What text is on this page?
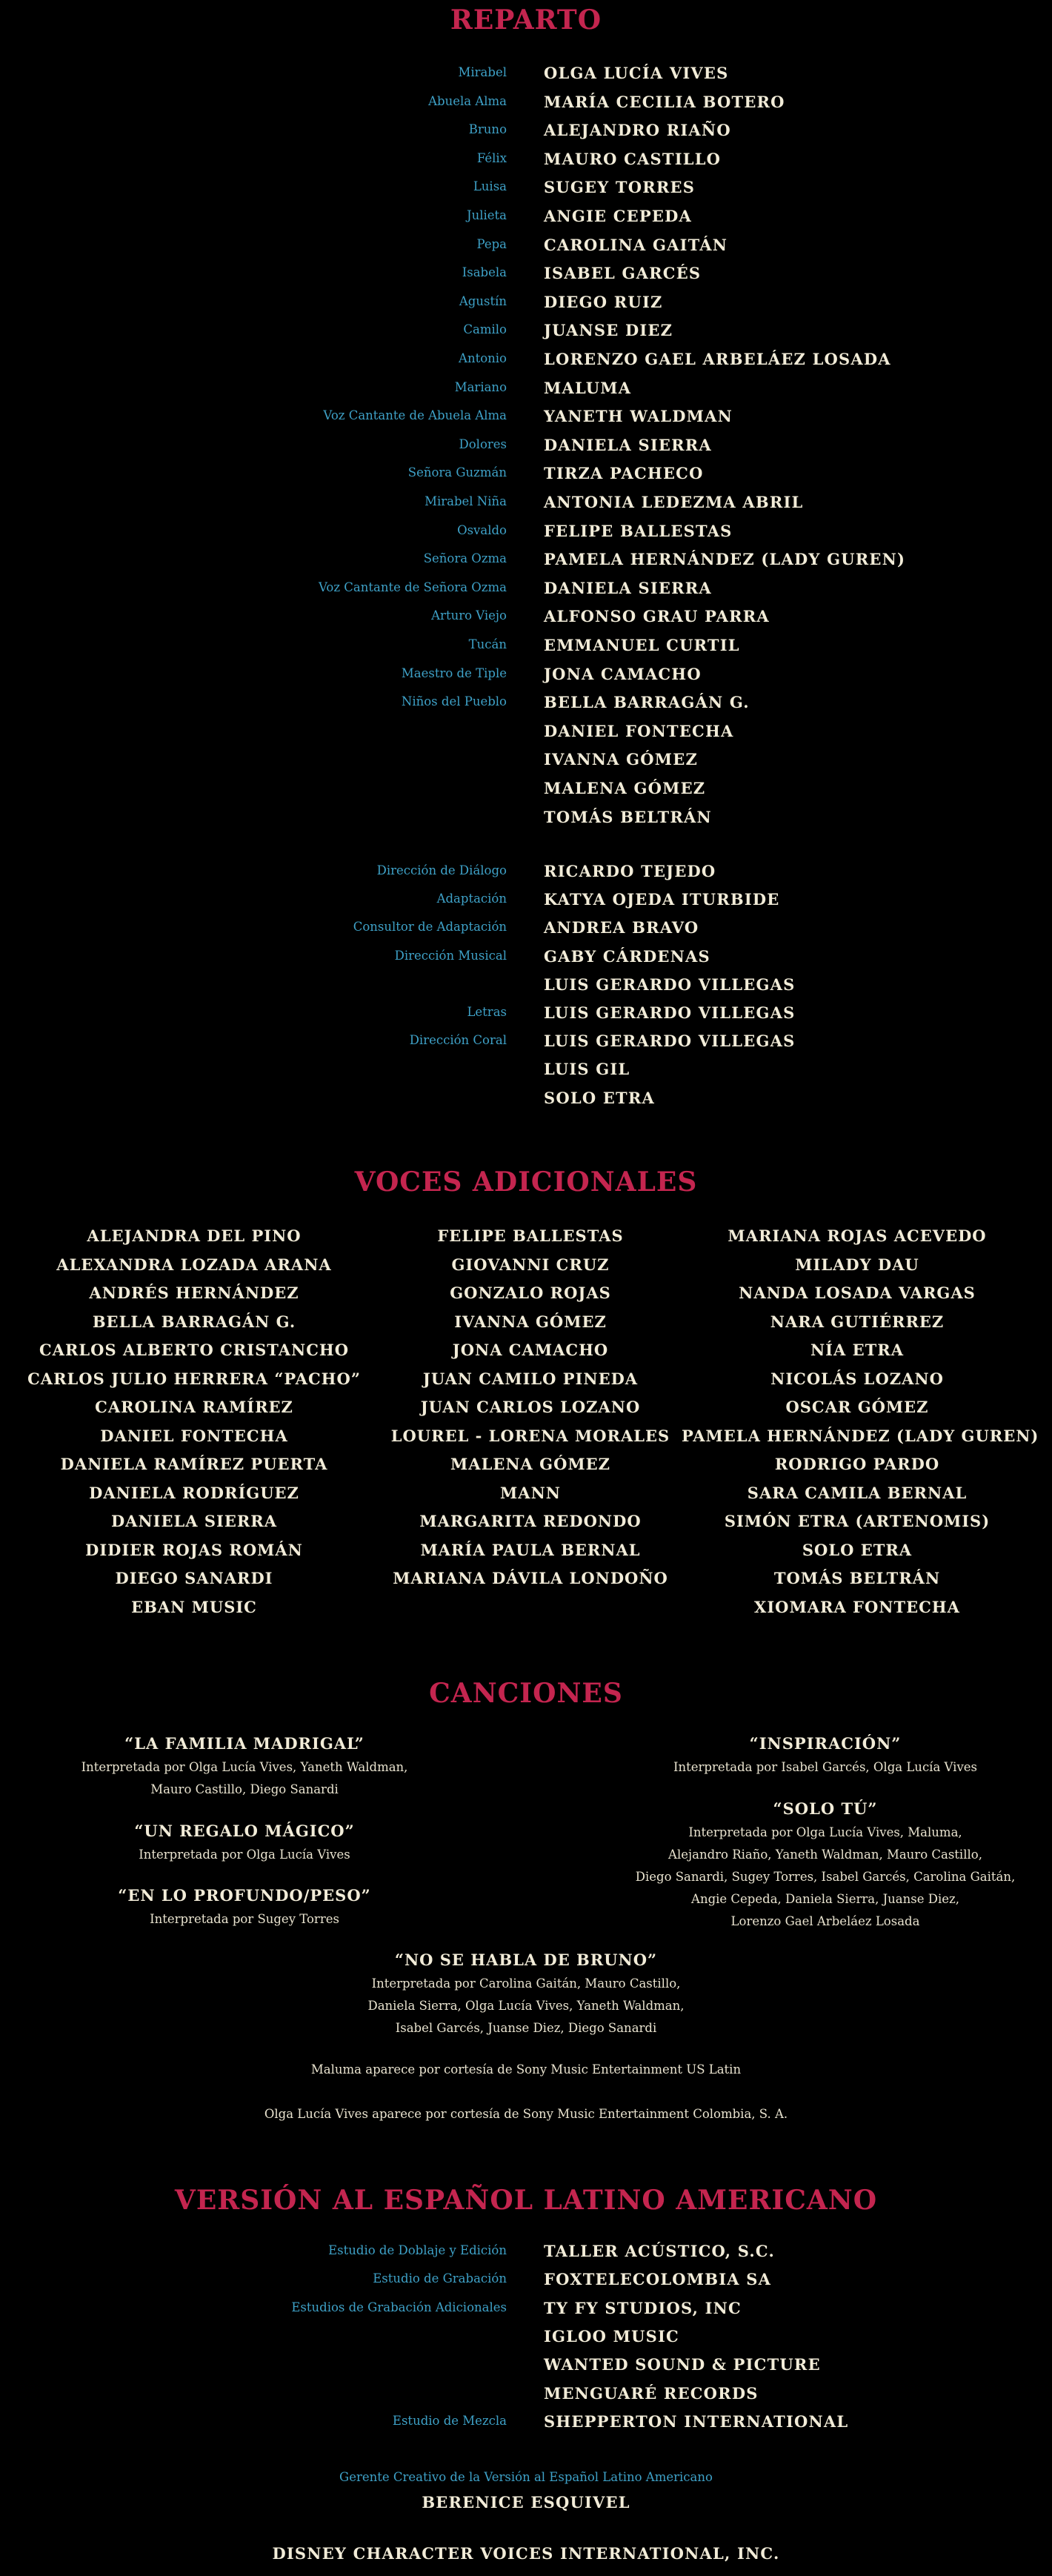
REPARTO
Mirabel OLGA LUCÍA VIVES
Abuela Alma MARÍA CECILIA BOTERO
Bruno ALEJANDRO RIAÑO
Félix MAURO CASTILLO
Luisa SUGEY TORRES
Julieta ANGIE CEPEDA
Pepa CAROLINA GAITÁN
Isabela ISABEL GARCÉS
Agustín DIEGO RUIZ
Camilo JUANSE DIEZ
Antonio LORENZO GAEL ARBELÁEZ LOSADA
Mariano MALUMA
Voz Cantante de Abuela Alma YANETH WALDMAN
Dolores DANIELA SIERRA
Señora Guzmán TIRZA PACHECO
Mirabel Niña ANTONIA LEDEZMA ABRIL
Osvaldo FELIPE BALLESTAS
Señora Ozma PAMELA HERNÁNDEZ (LADY GUREN)
Voz Cantante de Señora Ozma DANIELA SIERRA
Arturo Viejo ALFONSO GRAU PARRA
Tucán EMMANUEL CURTIL
Maestro de Tiple JONA CAMACHO
Niños del Pueblo BELLA BARRAGÁN G.
DANIEL FONTECHA
IVANNA GÓMEZ
MALENA GÓMEZ
TOMÁS BELTRÁN
Dirección de Diálogo RICARDO TEJEDO
Adaptación KATYA OJEDA ITURBIDE
Consultor de Adaptación ANDREA BRAVO
Dirección Musical GABY CÁRDENAS
LUIS GERARDO VILLEGAS
Letras LUIS GERARDO VILLEGAS
Dirección Coral LUIS GERARDO VILLEGAS
LUIS GIL
SOLO ETRA
VOCES ADICIONALES
ALEJANDRA DEL PINO
ALEXANDRA LOZADA ARANA
ANDRÉS HERNÁNDEZ
BELLA BARRAGÁN G.
CARLOS ALBERTO CRISTANCHO
CARLOS JULIO HERRERA “PACHO”
CAROLINA RAMÍREZ
DANIEL FONTECHA
DANIELA RAMÍREZ PUERTA
DANIELA RODRÍGUEZ
DANIELA SIERRA
DIDIER ROJAS ROMÁN
DIEGO SANARDI
EBAN MUSIC
FELIPE BALLESTAS
GIOVANNI CRUZ
GONZALO ROJAS
IVANNA GÓMEZ
JONA CAMACHO
JUAN CAMILO PINEDA
JUAN CARLOS LOZANO
LOUREL - LORENA MORALES
MALENA GÓMEZ
MANN
MARGARITA REDONDO
MARÍA PAULA BERNAL
MARIANA DÁVILA LONDOÑO
MARIANA ROJAS ACEVEDO
MILADY DAU
NANDA LOSADA VARGAS
NARA GUTIÉRREZ
NÍA ETRA
NICOLÁS LOZANO
OSCAR GÓMEZ
PAMELA HERNÁNDEZ (LADY GUREN)
RODRIGO PARDO
SARA CAMILA BERNAL
SIMÓN ETRA (ARTENOMIS)
SOLO ETRA
TOMÁS BELTRÁN
XIOMARA FONTECHA
CANCIONES
“LA FAMILIA MADRIGAL”
Interpretada por Olga Lucía Vives, Yaneth Waldman,
Mauro Castillo, Diego Sanardi
“UN REGALO MÁGICO”
Interpretada por Olga Lucía Vives
“EN LO PROFUNDO/PESO”
Interpretada por Sugey Torres
“INSPIRACIÓN”
Interpretada por Isabel Garcés, Olga Lucía Vives
“SOLO TÚ”
Interpretada por Olga Lucía Vives, Maluma,
Alejandro Riaño, Yaneth Waldman, Mauro Castillo,
Diego Sanardi, Sugey Torres, Isabel Garcés, Carolina Gaitán,
Angie Cepeda, Daniela Sierra, Juanse Diez,
Lorenzo Gael Arbeláez Losada
“NO SE HABLA DE BRUNO”
Interpretada por Carolina Gaitán, Mauro Castillo,
Daniela Sierra, Olga Lucía Vives, Yaneth Waldman,
Isabel Garcés, Juanse Diez, Diego Sanardi
Maluma aparece por cortesía de Sony Music Entertainment US Latin
Olga Lucía Vives aparece por cortesía de Sony Music Entertainment Colombia, S. A.
VERSIÓN AL ESPAÑOL LATINO AMERICANO
Estudio de Doblaje y Edición TALLER ACÚSTICO, S.C.
Estudio de Grabación FOXTELECOLOMBIA SA
Estudios de Grabación Adicionales TY FY STUDIOS, INC
IGLOO MUSIC
WANTED SOUND & PICTURE
MENGUARÉ RECORDS
Estudio de Mezcla SHEPPERTON INTERNATIONAL
Gerente Creativo de la Versión al Español Latino Americano
BERENICE ESQUIVEL
DISNEY CHARACTER VOICES INTERNATIONAL, INC.
